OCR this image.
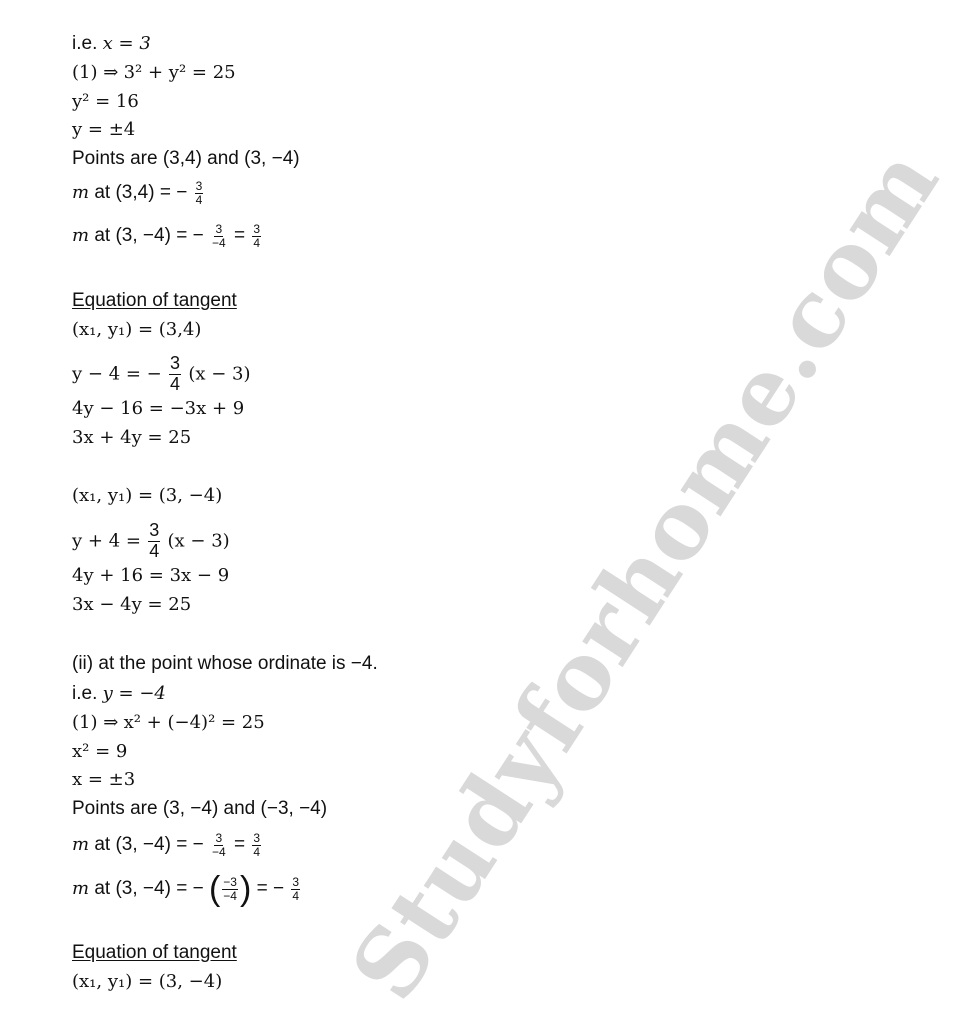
Studyforhome.com
i.e. x = 3
(1) ⇒ 3² + y² = 25
y² = 16
y = ±4
Points are (3,4) and (3, −4)
m at (3,4) = − $\frac{3}{4}$
m at (3, −4) = − $\frac{3}{-4} = \frac{3}{4}$
Equation of tangent
(x₁, y₁) = (3,4)
y − 4 = − $\frac{3}{4} (x - 3)$
4y − 16 = −3x + 9
3x + 4y = 25
(x₁, y₁) = (3, −4)
$y + 4 = \frac{3}{4} (x - 3)$
4y + 16 = 3x − 9
3x − 4y = 25
(ii) at the point whose ordinate is −4.
i.e. y = −4
(1) ⇒ x² + (−4)² = 25
x² = 9
x = ±3
Points are (3, −4) and (−3, −4)
m at (3, −4) = − $\frac{3}{-4} = \frac{3}{4}$
m at (3, −4) = − ( $\frac{-3}{-4}$ ) = − $\frac{3}{4}$
Equation of tangent
(x₁, y₁) = (3, −4)
